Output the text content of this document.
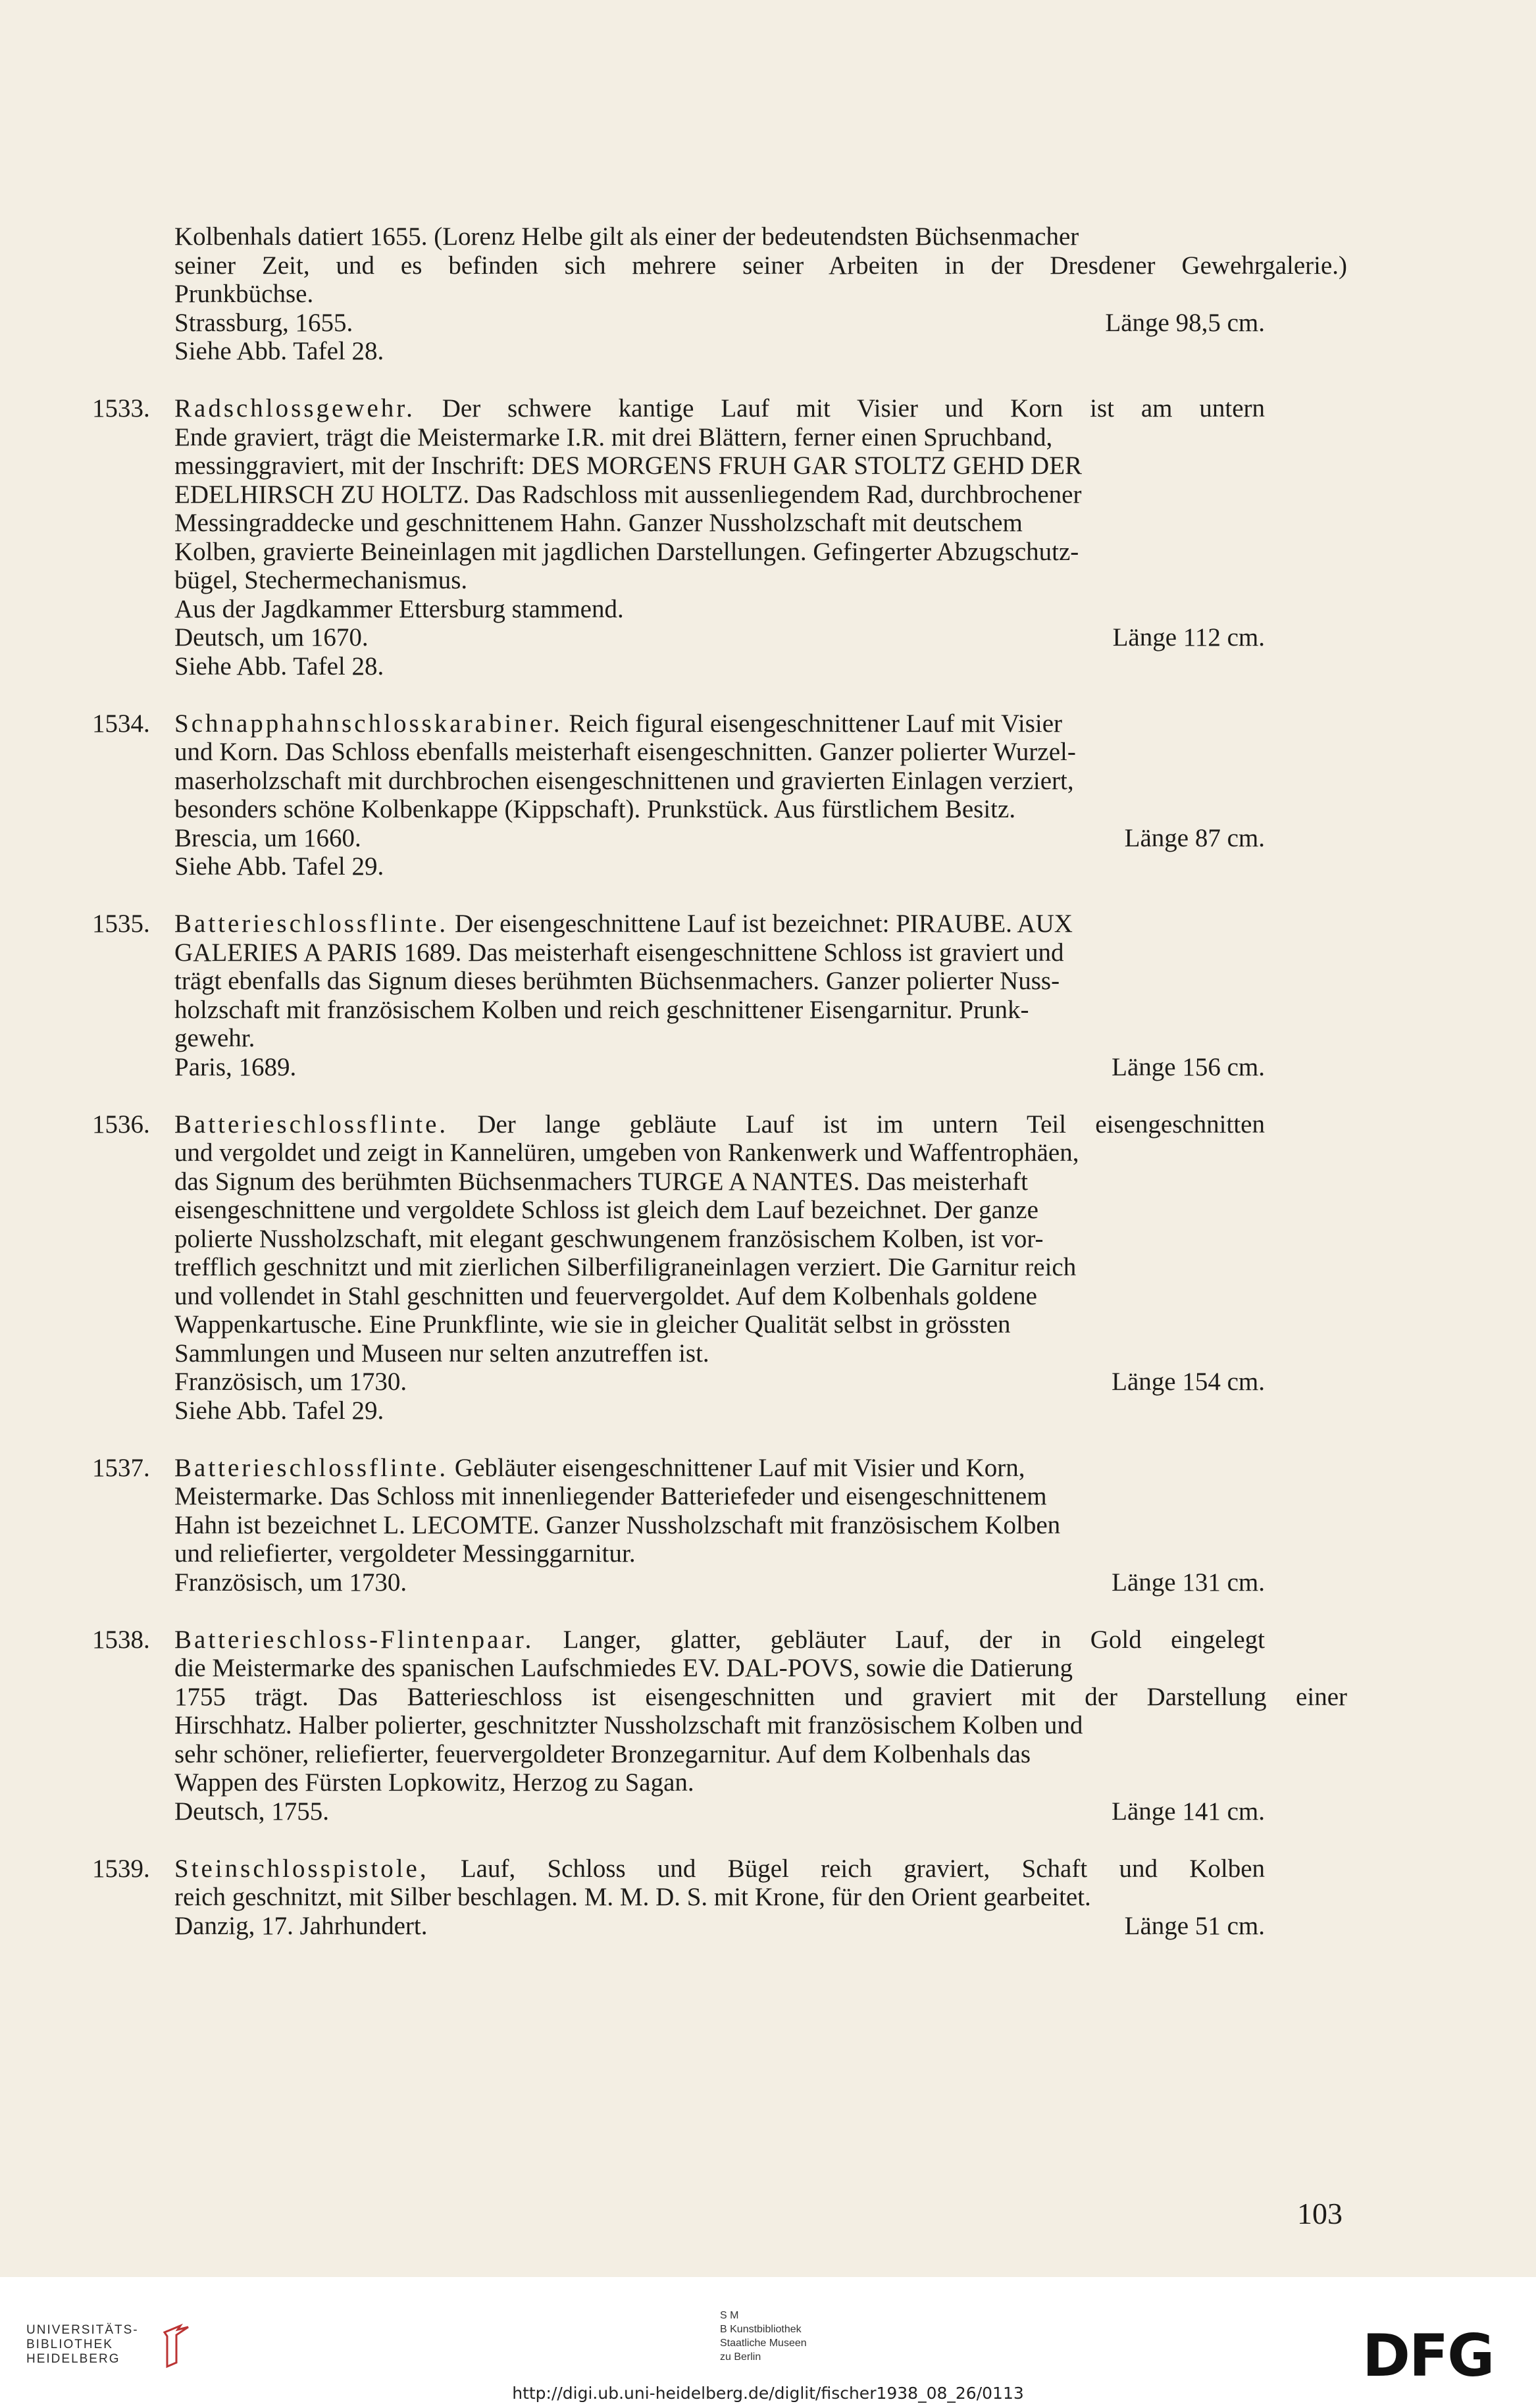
Kolbenhals datiert 1655. (Lorenz Helbe gilt als einer der bedeutendsten Büchsenmacher
seiner Zeit, und es befinden sich mehrere seiner Arbeiten in der Dresdener Gewehrgalerie.)
Prunkbüchse.
Strassburg, 1655.	Länge 98,5 cm.
Siehe Abb. Tafel 28.
1533. Radschlossgewehr. Der schwere kantige Lauf mit Visier und Korn ist am untern
Ende graviert, trägt die Meistermarke I.R. mit drei Blättern, ferner einen Spruchband,
messinggraviert, mit der Inschrift: DES MORGENS FRUH GAR STOLTZ GEHD DER
EDELHIRSCH ZU HOLTZ. Das Radschloss mit aussenliegendem Rad, durchbrochener
Messingraddecke und geschnittenem Hahn. Ganzer Nussholzschaft mit deutschem
Kolben, gravierte Beineinlagen mit jagdlichen Darstellungen. Gefingerter Abzugschutz-
bügel, Stechermechanismus.
Aus der Jagdkammer Ettersburg stammend.
Deutsch, um 1670.	Länge 112 cm.
Siehe Abb. Tafel 28.
1534. Schnapphahnschlosskarabiner. Reich figural eisengeschnittener Lauf mit Visier
und Korn. Das Schloss ebenfalls meisterhaft eisengeschnitten. Ganzer polierter Wurzel-
maserholzschaft mit durchbrochen eisengeschnittenen und gravierten Einlagen verziert,
besonders schöne Kolbenkappe (Kippschaft). Prunkstück. Aus fürstlichem Besitz.
Brescia, um 1660.	Länge 87 cm.
Siehe Abb. Tafel 29.
1535. Batterieschlossflinte. Der eisengeschnittene Lauf ist bezeichnet: PIRAUBE. AUX
GALERIES A PARIS 1689. Das meisterhaft eisengeschnittene Schloss ist graviert und
trägt ebenfalls das Signum dieses berühmten Büchsenmachers. Ganzer polierter Nuss-
holzschaft mit französischem Kolben und reich geschnittener Eisengarnitur. Prunk-
gewehr.
Paris, 1689.	Länge 156 cm.
1536. Batterieschlossflinte. Der lange gebläute Lauf ist im untern Teil eisengeschnitten
und vergoldet und zeigt in Kannelüren, umgeben von Rankenwerk und Waffentrophäen,
das Signum des berühmten Büchsenmachers TURGE A NANTES. Das meisterhaft
eisengeschnittene und vergoldete Schloss ist gleich dem Lauf bezeichnet. Der ganze
polierte Nussholzschaft, mit elegant geschwungenem französischem Kolben, ist vor-
trefflich geschnitzt und mit zierlichen Silberfiligraneinlagen verziert. Die Garnitur reich
und vollendet in Stahl geschnitten und feuervergoldet. Auf dem Kolbenhals goldene
Wappenkartusche. Eine Prunkflinte, wie sie in gleicher Qualität selbst in grössten
Sammlungen und Museen nur selten anzutreffen ist.
Französisch, um 1730.	Länge 154 cm.
Siehe Abb. Tafel 29.
1537. Batterieschlossflinte. Gebläuter eisengeschnittener Lauf mit Visier und Korn,
Meistermarke. Das Schloss mit innenliegender Batteriefeder und eisengeschnittenem
Hahn ist bezeichnet L. LECOMTE. Ganzer Nussholzschaft mit französischem Kolben
und reliefierter, vergoldeter Messinggarnitur.
Französisch, um 1730.	Länge 131 cm.
1538. Batterieschloss-Flintenpaar. Langer, glatter, gebläuter Lauf, der in Gold eingelegt
die Meistermarke des spanischen Laufschmiedes EV. DAL-POVS, sowie die Datierung
1755 trägt. Das Batterieschloss ist eisengeschnitten und graviert mit der Darstellung einer
Hirschhatz. Halber polierter, geschnitzter Nussholzschaft mit französischem Kolben und
sehr schöner, reliefierter, feuervergoldeter Bronzegarnitur. Auf dem Kolbenhals das
Wappen des Fürsten Lopkowitz, Herzog zu Sagan.
Deutsch, 1755.	Länge 141 cm.
1539. Steinschlosspistole, Lauf, Schloss und Bügel reich graviert, Schaft und Kolben
reich geschnitzt, mit Silber beschlagen. M. M. D. S. mit Krone, für den Orient gearbeitet.
Danzig, 17. Jahrhundert.	Länge 51 cm.
103
UNIVERSITÄTS-
BIBLIOTHEK
HEIDELBERG
S M
B Kunstbibliothek
Staatliche Museen
zu Berlin	DFG
http://digi.ub.uni-heidelberg.de/diglit/fischer1938_08_26/0113
